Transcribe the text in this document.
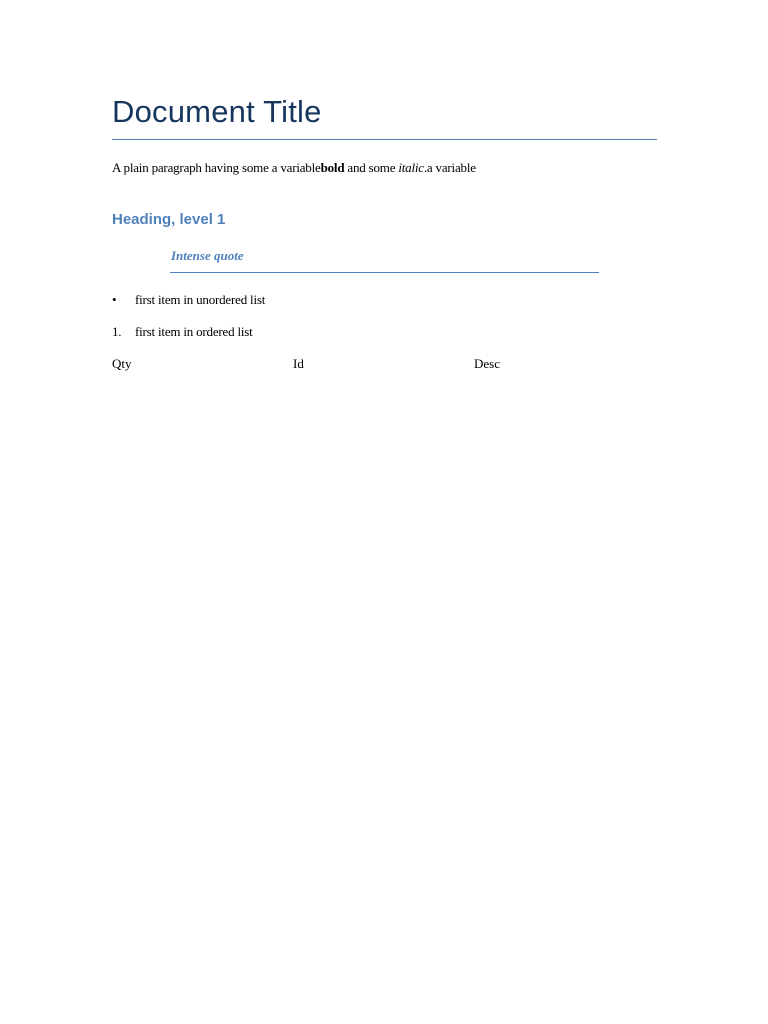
Document Title
A plain paragraph having some a variablebold and some italic.a variable
Heading, level 1
Intense quote
• first item in unordered list
1. first item in ordered list
Qty	Id	Desc
